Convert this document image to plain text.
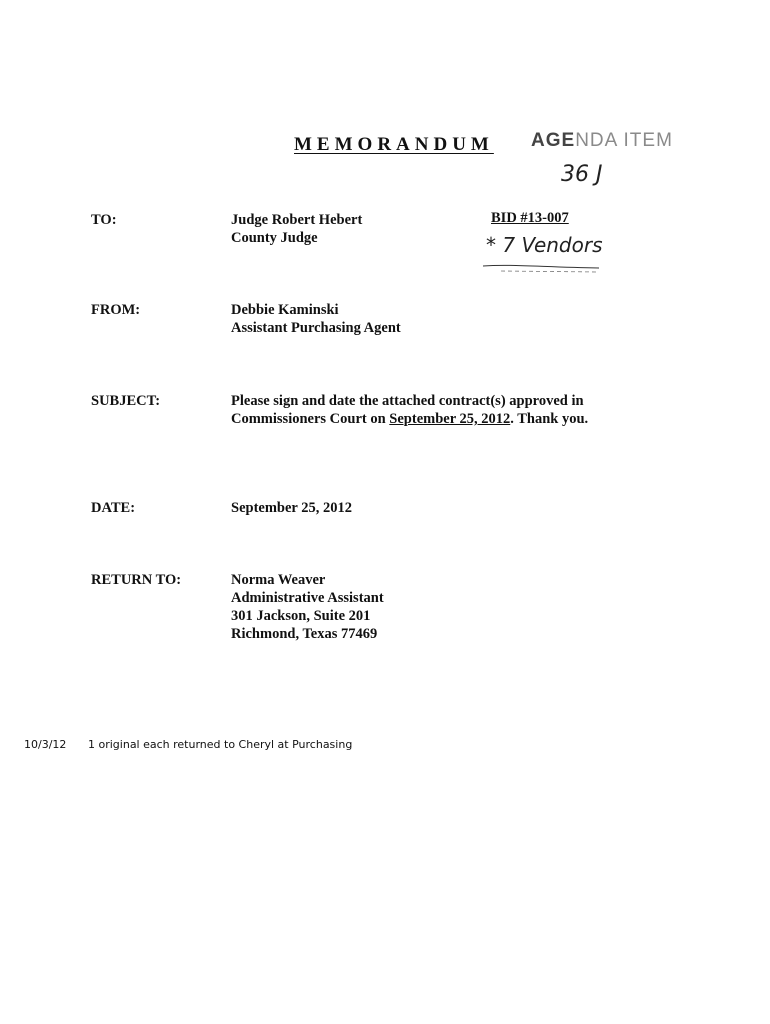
MEMORANDUM AGENDA ITEM
36 J
BID #13-007
* 7 Vendors
TO:	Judge Robert Hebert
County Judge
FROM:	Debbie Kaminski
Assistant Purchasing Agent
SUBJECT:	Please sign and date the attached contract(s) approved in
Commissioners Court on September 25, 2012. Thank you.
DATE:	September 25, 2012
RETURN TO:	Norma Weaver
Administrative Assistant
301 Jackson, Suite 201
Richmond, Texas 77469
10/3/12 1 original each returned to Cheryl at Purchasing
